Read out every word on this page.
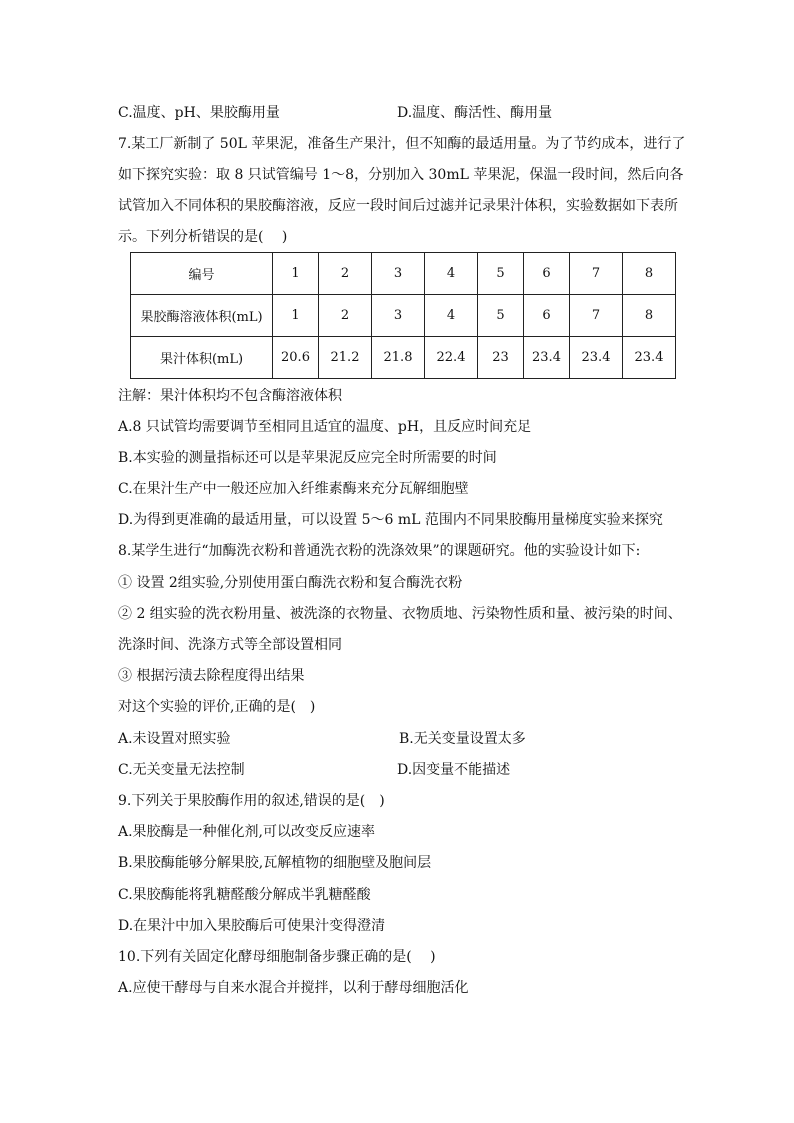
C.温度、pH、果胶酶用量	D.温度、酶活性、酶用量
7.某工厂新制了 50L 苹果泥，准备生产果汁，但不知酶的最适用量。为了节约成本，进行了
如下探究实验：取 8 只试管编号 1～8，分别加入 30mL 苹果泥，保温一段时间，然后向各
试管加入不同体积的果胶酶溶液，反应一段时间后过滤并记录果汁体积，实验数据如下表所
示。下列分析错误的是(　 )
编号	1	2	3	4	5	6	7	8
果胶酶溶液体积(mL)	1	2	3	4	5	6	7	8
果汁体积(mL)	20.6	21.2	21.8	22.4	23	23.4	23.4	23.4
注解：果汁体积均不包含酶溶液体积
A.8 只试管均需要调节至相同且适宜的温度、pH，且反应时间充足
B.本实验的测量指标还可以是苹果泥反应完全时所需要的时间
C.在果汁生产中一般还应加入纤维素酶来充分瓦解细胞壁
D.为得到更准确的最适用量，可以设置 5～6 mL 范围内不同果胶酶用量梯度实验来探究
8.某学生进行“加酶洗衣粉和普通洗衣粉的洗涤效果”的课题研究。他的实验设计如下:
① 设置 2组实验,分别使用蛋白酶洗衣粉和复合酶洗衣粉
② 2 组实验的洗衣粉用量、被洗涤的衣物量、衣物质地、污染物性质和量、被污染的时间、
洗涤时间、洗涤方式等全部设置相同
③ 根据污渍去除程度得出结果
对这个实验的评价,正确的是(　)
A.未设置对照实验	B.无关变量设置太多
C.无关变量无法控制	D.因变量不能描述
9.下列关于果胶酶作用的叙述,错误的是(　)
A.果胶酶是一种催化剂,可以改变反应速率
B.果胶酶能够分解果胶,瓦解植物的细胞壁及胞间层
C.果胶酶能将乳糖醛酸分解成半乳糖醛酸
D.在果汁中加入果胶酶后可使果汁变得澄清
10.下列有关固定化酵母细胞制备步骤正确的是(　 )
A.应使干酵母与自来水混合并搅拌，以利于酵母细胞活化
